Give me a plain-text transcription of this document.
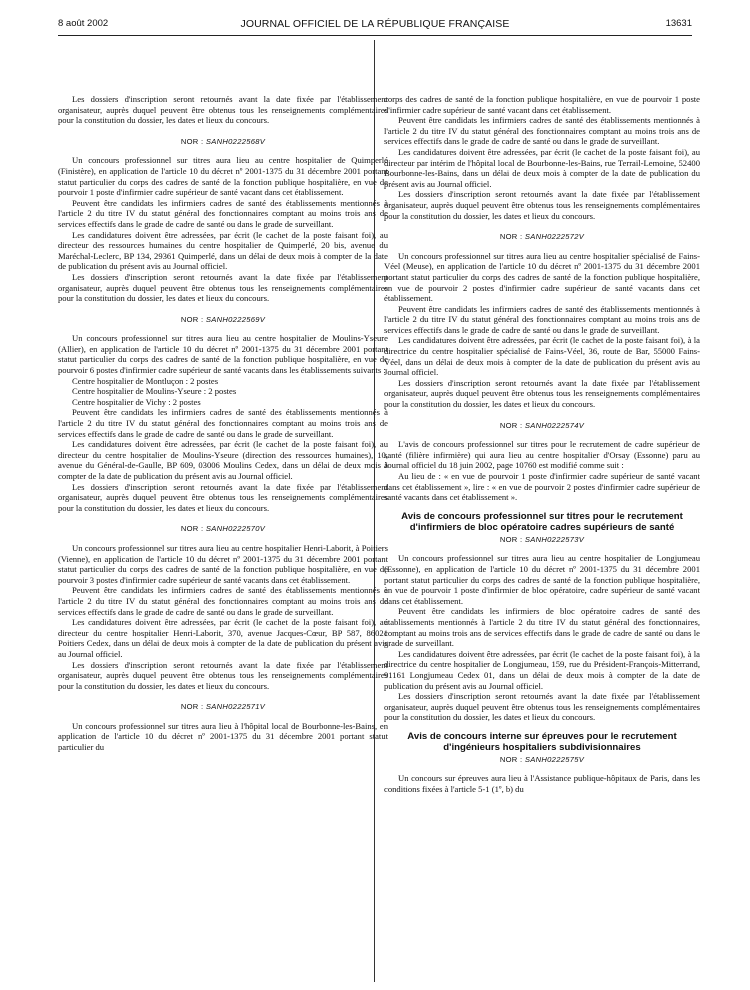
8 août 2002	JOURNAL OFFICIEL DE LA RÉPUBLIQUE FRANÇAISE	13631

Les dossiers d'inscription seront retournés avant la date fixée par l'établissement organisateur, auprès duquel peuvent être obtenus tous les renseignements complémentaires pour la constitution du dossier, les dates et lieux du concours.

NOR : SANH0222568V

Un concours professionnel sur titres aura lieu au centre hospitalier de Quimperlé (Finistère), en application de l'article 10 du décret nº 2001-1375 du 31 décembre 2001 portant statut particulier du corps des cadres de santé de la fonction publique hospitalière, en vue de pourvoir 1 poste d'infirmier cadre supérieur de santé vacant dans cet établissement.

Peuvent être candidats les infirmiers cadres de santé des établissements mentionnés à l'article 2 du titre IV du statut général des fonctionnaires comptant au moins trois ans de services effectifs dans le grade de cadre de santé ou dans le grade de surveillant.

Les candidatures doivent être adressées, par écrit (le cachet de la poste faisant foi), au directeur des ressources humaines du centre hospitalier de Quimperlé, 20 bis, avenue du Maréchal-Leclerc, BP 134, 29361 Quimperlé, dans un délai de deux mois à compter de la date de publication du présent avis au Journal officiel.

Les dossiers d'inscription seront retournés avant la date fixée par l'établissement organisateur, auprès duquel peuvent être obtenus tous les renseignements complémentaires pour la constitution du dossier, les dates et lieux du concours.

NOR : SANH0222569V

Un concours professionnel sur titres aura lieu au centre hospitalier de Moulins-Yseure (Allier), en application de l'article 10 du décret nº 2001-1375 du 31 décembre 2001 portant statut particulier du corps des cadres de santé de la fonction publique hospitalière, en vue de pourvoir 6 postes d'infirmier cadre supérieur de santé vacants dans les établissements suivants :

Centre hospitalier de Montluçon : 2 postes

Centre hospitalier de Moulins-Yseure : 2 postes

Centre hospitalier de Vichy : 2 postes

Peuvent être candidats les infirmiers cadres de santé des établissements mentionnés à l'article 2 du titre IV du statut général des fonctionnaires comptant au moins trois ans de services effectifs dans le grade de cadre de santé ou dans le grade de surveillant.

Les candidatures doivent être adressées, par écrit (le cachet de la poste faisant foi), au directeur du centre hospitalier de Moulins-Yseure (direction des ressources humaines), 10, avenue du Général-de-Gaulle, BP 609, 03006 Moulins Cedex, dans un délai de deux mois à compter de la date de publication du présent avis au Journal officiel.

Les dossiers d'inscription seront retournés avant la date fixée par l'établissement organisateur, auprès duquel peuvent être obtenus tous les renseignements complémentaires pour la constitution du dossier, les dates et lieux du concours.

NOR : SANH0222570V

Un concours professionnel sur titres aura lieu au centre hospitalier Henri-Laborit, à Poitiers (Vienne), en application de l'article 10 du décret nº 2001-1375 du 31 décembre 2001 portant statut particulier du corps des cadres de santé de la fonction publique hospitalière, en vue de pourvoir 3 postes d'infirmier cadre supérieur de santé vacants dans cet établissement.

Peuvent être candidats les infirmiers cadres de santé des établissements mentionnés à l'article 2 du titre IV du statut général des fonctionnaires comptant au moins trois ans de services effectifs dans le grade de cadre de santé ou dans le grade de surveillant.

Les candidatures doivent être adressées, par écrit (le cachet de la poste faisant foi), au directeur du centre hospitalier Henri-Laborit, 370, avenue Jacques-Cœur, BP 587, 86021 Poitiers Cedex, dans un délai de deux mois à compter de la date de publication du présent avis au Journal officiel.

Les dossiers d'inscription seront retournés avant la date fixée par l'établissement organisateur, auprès duquel peuvent être obtenus tous les renseignements complémentaires pour la constitution du dossier, les dates et lieux du concours.

NOR : SANH0222571V

Un concours professionnel sur titres aura lieu à l'hôpital local de Bourbonne-les-Bains, en application de l'article 10 du décret nº 2001-1375 du 31 décembre 2001 portant statut particulier du

corps des cadres de santé de la fonction publique hospitalière, en vue de pourvoir 1 poste d'infirmier cadre supérieur de santé vacant dans cet établissement.

Peuvent être candidats les infirmiers cadres de santé des établissements mentionnés à l'article 2 du titre IV du statut général des fonctionnaires comptant au moins trois ans de services effectifs dans le grade de cadre de santé ou dans le grade de surveillant.

Les candidatures doivent être adressées, par écrit (le cachet de la poste faisant foi), au directeur par intérim de l'hôpital local de Bourbonne-les-Bains, rue Terrail-Lemoine, 52400 Bourbonne-les-Bains, dans un délai de deux mois à compter de la date de publication du présent avis au Journal officiel.

Les dossiers d'inscription seront retournés avant la date fixée par l'établissement organisateur, auprès duquel peuvent être obtenus tous les renseignements complémentaires pour la constitution du dossier, les dates et lieux du concours.

NOR : SANH0222572V

Un concours professionnel sur titres aura lieu au centre hospitalier spécialisé de Fains-Véel (Meuse), en application de l'article 10 du décret nº 2001-1375 du 31 décembre 2001 portant statut particulier du corps des cadres de santé de la fonction publique hospitalière, en vue de pourvoir 2 postes d'infirmier cadre supérieur de santé vacants dans cet établissement.

Peuvent être candidats les infirmiers cadres de santé des établissements mentionnés à l'article 2 du titre IV du statut général des fonctionnaires comptant au moins trois ans de services effectifs dans le grade de cadre de santé ou dans le grade de surveillant.

Les candidatures doivent être adressées, par écrit (le cachet de la poste faisant foi), à la directrice du centre hospitalier spécialisé de Fains-Véel, 36, route de Bar, 55000 Fains-Véel, dans un délai de deux mois à compter de la date de publication du présent avis au Journal officiel.

Les dossiers d'inscription seront retournés avant la date fixée par l'établissement organisateur, auprès duquel peuvent être obtenus tous les renseignements complémentaires pour la constitution du dossier, les dates et lieux du concours.

NOR : SANH0222574V

L'avis de concours professionnel sur titres pour le recrutement de cadre supérieur de santé (filière infirmière) qui aura lieu au centre hospitalier d'Orsay (Essonne) paru au Journal officiel du 18 juin 2002, page 10760 est modifié comme suit :

Au lieu de : « en vue de pourvoir 1 poste d'infirmier cadre supérieur de santé vacant dans cet établissement », lire : « en vue de pourvoir 2 postes d'infirmier cadre supérieur de santé vacants dans cet établissement ».

Avis de concours professionnel sur titres pour le recrutement d'infirmiers de bloc opératoire cadres supérieurs de santé
NOR : SANH0222573V

Un concours professionnel sur titres aura lieu au centre hospitalier de Longjumeau (Essonne), en application de l'article 10 du décret nº 2001-1375 du 31 décembre 2001 portant statut particulier du corps des cadres de santé de la fonction publique hospitalière, en vue de pourvoir 1 poste d'infirmier de bloc opératoire, cadre supérieur de santé vacant dans cet établissement.

Peuvent être candidats les infirmiers de bloc opératoire cadres de santé des établissements mentionnés à l'article 2 du titre IV du statut général des fonctionnaires, comptant au moins trois ans de services effectifs dans le grade de cadre de santé ou dans le grade de surveillant.

Les candidatures doivent être adressées, par écrit (le cachet de la poste faisant foi), à la directrice du centre hospitalier de Longjumeau, 159, rue du Président-François-Mitterrand, 91161 Longjumeau Cedex 01, dans un délai de deux mois à compter de la date de publication du présent avis au Journal officiel.

Les dossiers d'inscription seront retournés avant la date fixée par l'établissement organisateur, auprès duquel peuvent être obtenus tous les renseignements complémentaires pour la constitution du dossier, les dates et lieux du concours.

Avis de concours interne sur épreuves pour le recrutement d'ingénieurs hospitaliers subdivisionnaires
NOR : SANH0222575V

Un concours sur épreuves aura lieu à l'Assistance publique-hôpitaux de Paris, dans les conditions fixées à l'article 5-1 (1º, b) du
